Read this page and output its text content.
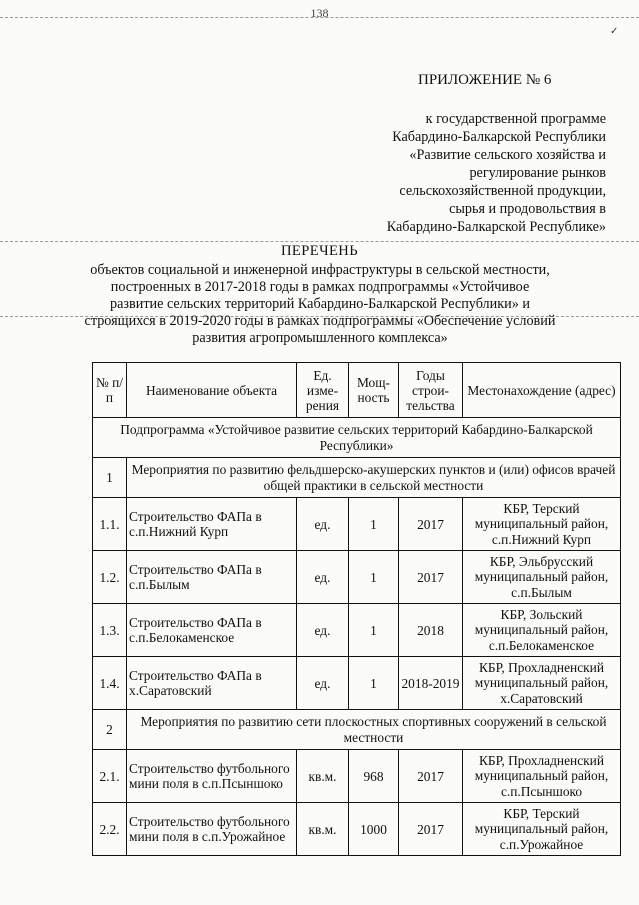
138
✓
ПРИЛОЖЕНИЕ № 6
к государственной программе
Кабардино-Балкарской Республики
«Развитие сельского хозяйства и
регулирование рынков
сельскохозяйственной продукции,
сырья и продовольствия в
Кабардино-Балкарской Республике»
ПЕРЕЧЕНЬ
объектов социальной и инженерной инфраструктуры в сельской местности,
построенных в 2017-2018 годы в рамках подпрограммы «Устойчивое
развитие сельских территорий Кабардино-Балкарской Республики» и
строящихся в 2019-2020 годы в рамках подпрограммы «Обеспечение условий
развития агропромышленного комплекса»
№ п/п	Наименование объекта	Ед. изме-рения	Мощ-ность	Годы строи-тельства	Местонахождение (адрес)
Подпрограмма «Устойчивое развитие сельских территорий Кабардино-Балкарской Республики»					
1	Мероприятия по развитию фельдшерско-акушерских пунктов и (или) офисов врачей общей практики в сельской местности				
1.1.	Строительство ФАПа в с.п.Нижний Курп	ед.	1	2017	КБР, Терский муниципальный район, с.п.Нижний Курп
1.2.	Строительство ФАПа в с.п.Былым	ед.	1	2017	КБР, Эльбрусский муниципальный район, с.п.Былым
1.3.	Строительство ФАПа в с.п.Белокаменское	ед.	1	2018	КБР, Зольский муниципальный район, с.п.Белокаменское
1.4.	Строительство ФАПа в х.Саратовский	ед.	1	2018-2019	КБР, Прохладненский муниципальный район, х.Саратовский
2	Мероприятия по развитию сети плоскостных спортивных сооружений в сельской местности				
2.1.	Строительство футбольного мини поля в с.п.Псыншоко	кв.м.	968	2017	КБР, Прохладненский муниципальный район, с.п.Псыншоко
2.2.	Строительство футбольного мини поля в с.п.Урожайное	кв.м.	1000	2017	КБР, Терский муниципальный район, с.п.Урожайное
